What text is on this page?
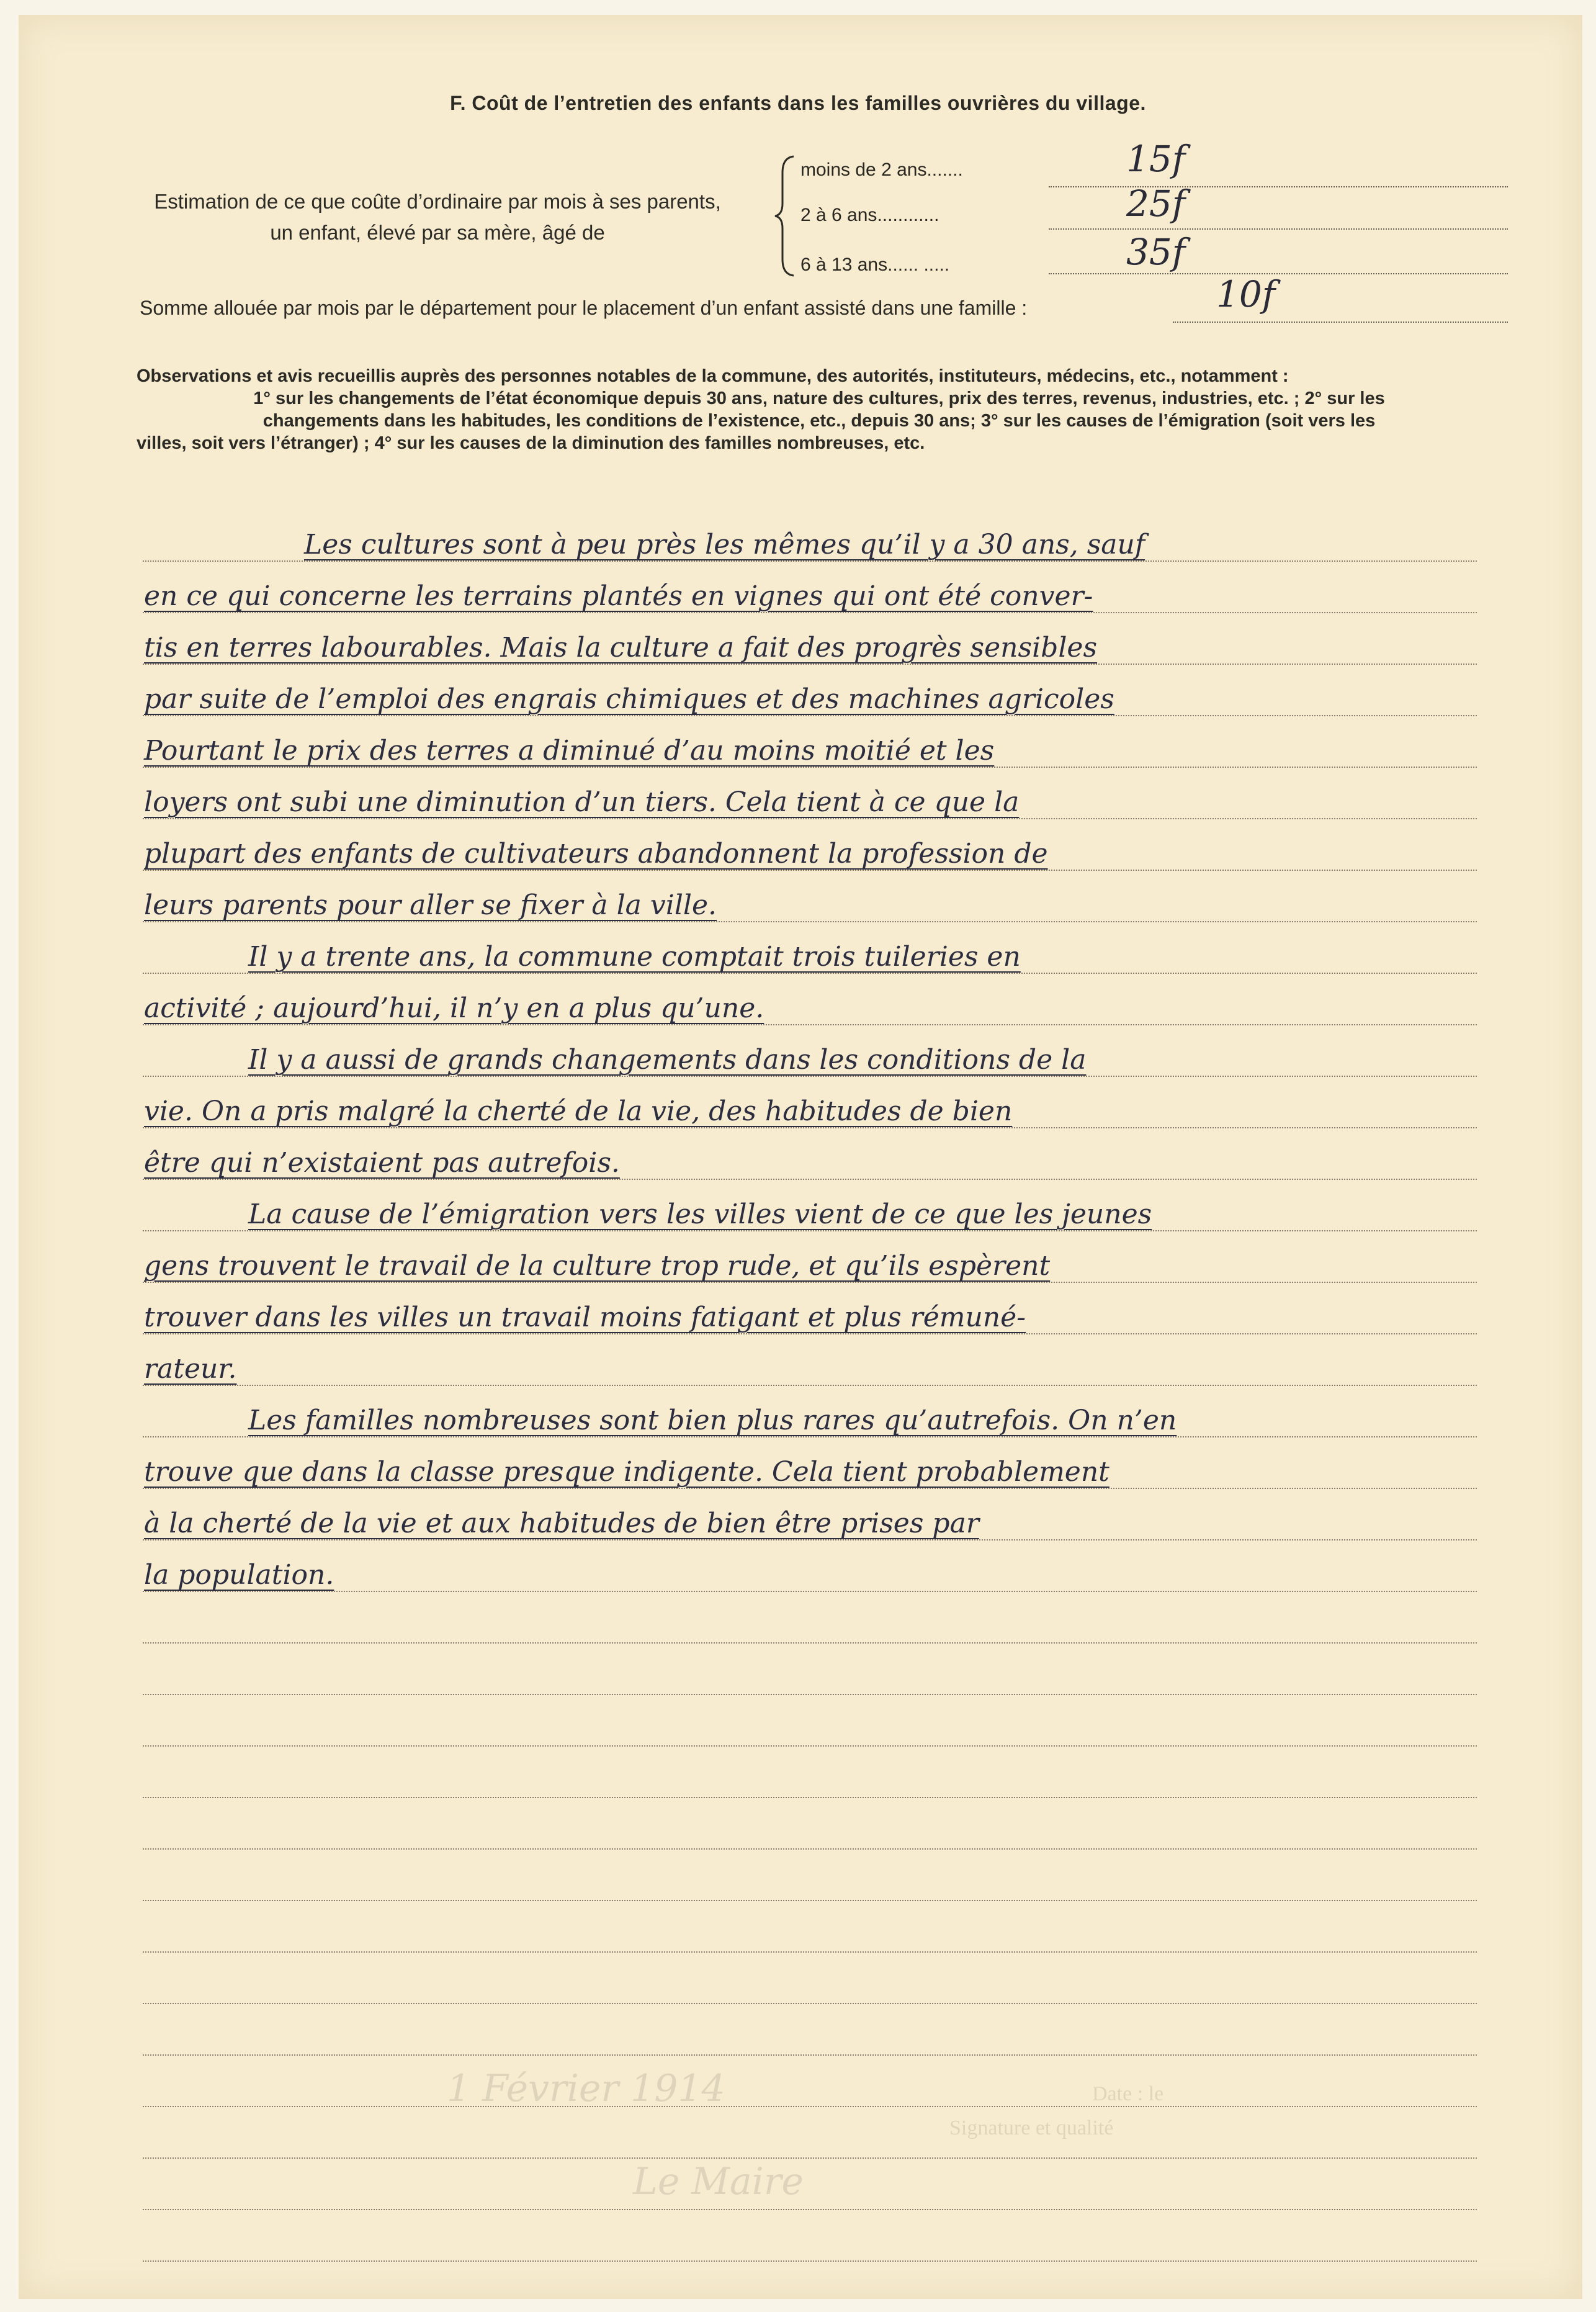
F. Coût de l’entretien des enfants dans les familles ouvrières du village.
Estimation de ce que coûte d’ordinaire par mois à ses parents,
un enfant, élevé par sa mère, âgé de
moins de 2 ans.......	15f
2 à 6 ans............	25f
6 à 13 ans...... .....	35f
Somme allouée par mois par le département pour le placement d’un enfant assisté dans une famille :	10f
Observations et avis recueillis auprès des personnes notables de la commune, des autorités, instituteurs, médecins, etc., notamment :
1° sur les changements de l’état économique depuis 30 ans, nature des cultures, prix des terres, revenus, industries, etc. ; 2° sur les
changements dans les habitudes, les conditions de l’existence, etc., depuis 30 ans; 3° sur les causes de l’émigration (soit vers les
villes, soit vers l’étranger) ; 4° sur les causes de la diminution des familles nombreuses, etc.
Les cultures sont à peu près les mêmes qu’il y a 30 ans, sauf
en ce qui concerne les terrains plantés en vignes qui ont été conver-
tis en terres labourables. Mais la culture a fait des progrès sensibles
par suite de l’emploi des engrais chimiques et des machines agricoles
Pourtant le prix des terres a diminué d’au moins moitié et les
loyers ont subi une diminution d’un tiers. Cela tient à ce que la
plupart des enfants de cultivateurs abandonnent la profession de
leurs parents pour aller se fixer à la ville.
Il y a trente ans, la commune comptait trois tuileries en
activité ; aujourd’hui, il n’y en a plus qu’une.
Il y a aussi de grands changements dans les conditions de la
vie. On a pris malgré la cherté de la vie, des habitudes de bien
être qui n’existaient pas autrefois.
La cause de l’émigration vers les villes vient de ce que les jeunes
gens trouvent le travail de la culture trop rude, et qu’ils espèrent
trouver dans les villes un travail moins fatigant et plus rémuné-
rateur.
Les familles nombreuses sont bien plus rares qu’autrefois. On n’en
trouve que dans la classe presque indigente. Cela tient probablement
à la cherté de la vie et aux habitudes de bien être prises par
la population.
Date : le
1 Février 1914
Signature et qualité
Le Maire
